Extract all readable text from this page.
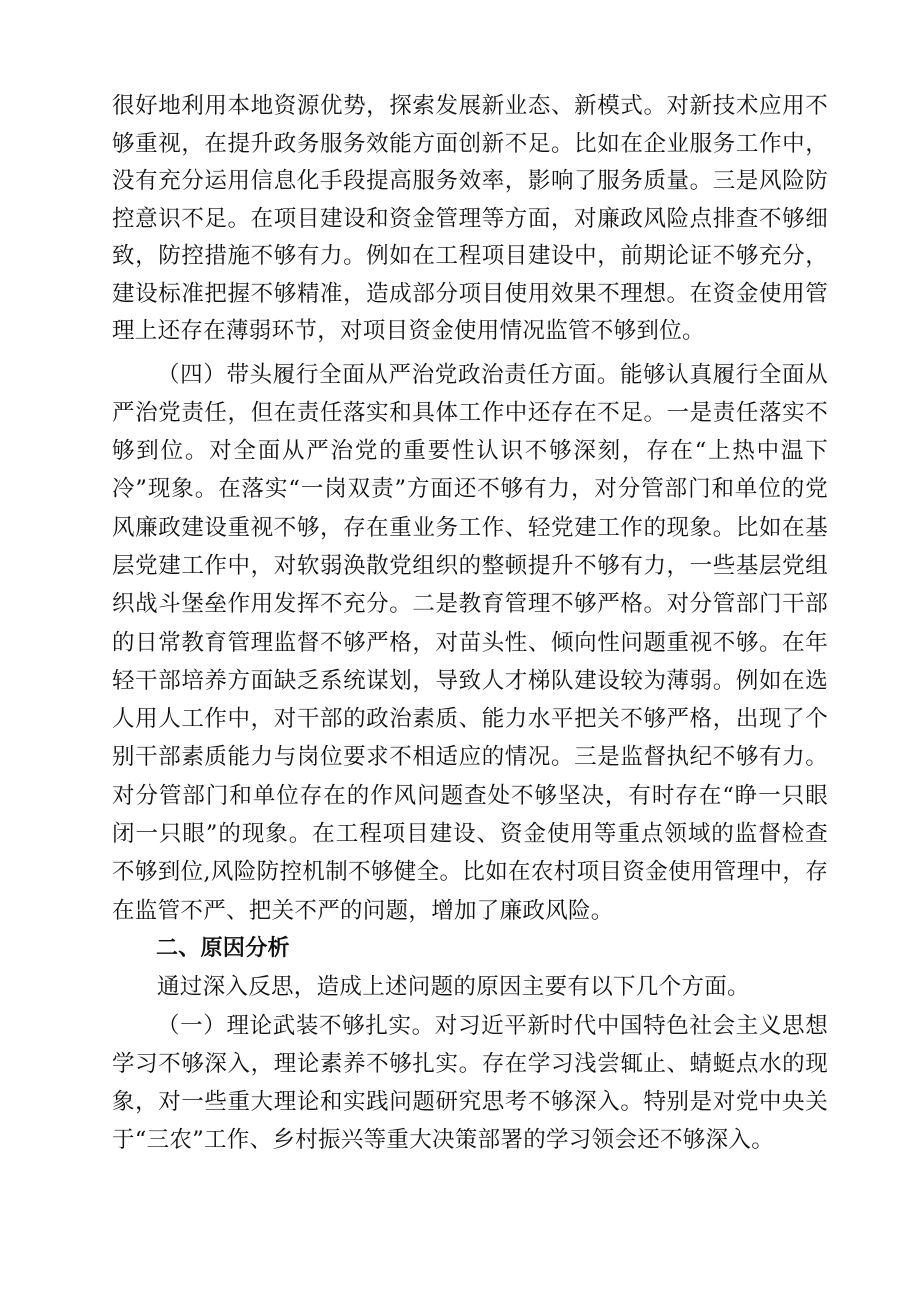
很好地利用本地资源优势，探索发展新业态、新模式。对新技术应用不够重视，在提升政务服务效能方面创新不足。比如在企业服务工作中，没有充分运用信息化手段提高服务效率，影响了服务质量。三是风险防控意识不足。在项目建设和资金管理等方面，对廉政风险点排查不够细致，防控措施不够有力。例如在工程项目建设中，前期论证不够充分，建设标准把握不够精准，造成部分项目使用效果不理想。在资金使用管理上还存在薄弱环节，对项目资金使用情况监管不够到位。

（四）带头履行全面从严治党政治责任方面。能够认真履行全面从严治党责任，但在责任落实和具体工作中还存在不足。一是责任落实不够到位。对全面从严治党的重要性认识不够深刻，存在“上热中温下冷”现象。在落实“一岗双责”方面还不够有力，对分管部门和单位的党风廉政建设重视不够，存在重业务工作、轻党建工作的现象。比如在基层党建工作中，对软弱涣散党组织的整顿提升不够有力，一些基层党组织战斗堡垒作用发挥不充分。二是教育管理不够严格。对分管部门干部的日常教育管理监督不够严格，对苗头性、倾向性问题重视不够。在年轻干部培养方面缺乏系统谋划，导致人才梯队建设较为薄弱。例如在选人用人工作中，对干部的政治素质、能力水平把关不够严格，出现了个别干部素质能力与岗位要求不相适应的情况。三是监督执纪不够有力。对分管部门和单位存在的作风问题查处不够坚决，有时存在“睁一只眼闭一只眼”的现象。在工程项目建设、资金使用等重点领域的监督检查不够到位,风险防控机制不够健全。比如在农村项目资金使用管理中，存在监管不严、把关不严的问题，增加了廉政风险。

二、原因分析

通过深入反思，造成上述问题的原因主要有以下几个方面。

（一）理论武装不够扎实。对习近平新时代中国特色社会主义思想学习不够深入，理论素养不够扎实。存在学习浅尝辄止、蜻蜓点水的现象，对一些重大理论和实践问题研究思考不够深入。特别是对党中央关于“三农”工作、乡村振兴等重大决策部署的学习领会还不够深入。
